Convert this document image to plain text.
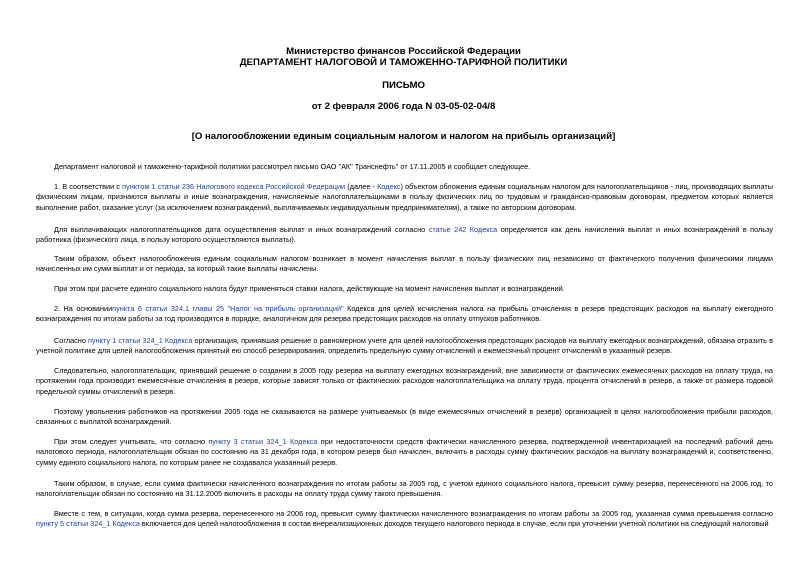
Министерство финансов Российской Федерации
ДЕПАРТАМЕНТ НАЛОГОВОЙ И ТАМОЖЕННО-ТАРИФНОЙ ПОЛИТИКИ
ПИСЬМО
от 2 февраля 2006 года N 03-05-02-04/8
[О налогообложении единым социальным налогом и налогом на прибыль организаций]

Департамент налоговой и таможенно-тарифной политики рассмотрел письмо ОАО "АК" Транснефть" от 17.11.2005 и сообщает следующее.

1. В соответствии с пунктом 1 статьи 236 Налогового кодекса Российской Федерации (далее - Кодекс) объектом обложения единым социальным налогом для налогоплательщиков - лиц, производящих выплаты физическим лицам, признаются выплаты и иные вознаграждения, начисляемые налогоплательщиками в пользу физических лиц по трудовым и гражданско-правовым договорам, предметом которых является выполнение работ, оказание услуг (за исключением вознаграждений, выплачиваемых индивидуальным предпринимателям), а также по авторским договорам.

Для выплачивающих налогоплательщиков дата осуществления выплат и иных вознаграждений согласно статье 242 Кодекса определяется как день начисления выплат и иных вознаграждений в пользу работника (физического лица, в пользу которого осуществляются выплаты).

Таким образом, объект налогообложения единым социальным налогом возникает в момент начисления выплат в пользу физических лиц независимо от фактического получения физическими лицами начисленных им сумм выплат и от периода, за который такие выплаты начислены.

При этом при расчете единого социального налога будут применяться ставки налога, действующие на момент начисления выплат и вознаграждений.

2. На основаниипункта 6 статьи 324.1 главы 25 "Налог на прибыль организаций" Кодекса для целей исчисления налога на прибыль отчисления в резерв предстоящих расходов на выплату ежегодного вознаграждения по итогам работы за год производятся в порядке, аналогичном для резерва предстоящих расходов на оплату отпусков работников.

Согласно пункту 1 статьи 324_1 Кодекса организация, принявшая решение о равномерном учете для целей налогообложения предстоящих расходов на выплату ежегодных вознаграждений, обязана отразить в учетной политике для целей налогообложения принятый ею способ резервирования, определить предельную сумму отчислений и ежемесячный процент отчислений в указанный резерв.

Следовательно, налогоплательщик, принявший решение о создании в 2005 году резерва на выплату ежегодных вознаграждений, вне зависимости от фактических ежемесячных расходов на оплату труда, на протяжении года производит ежемесячные отчисления в резерв, которые зависят только от фактических расходов налогоплательщика на оплату труда, процента отчислений в резерв, а также от размера годовой предельной суммы отчислений в резерв.

Поэтому увольнения работников на протяжении 2005 года не сказываются на размере учитываемых (в виде ежемесячных отчислений в резерв) организацией в целях налогообложения прибыли расходов, связанных с выплатой вознаграждений.

При этом следует учитывать, что согласно пункту 3 статьи 324_1 Кодекса при недостаточности средств фактически начисленного резерва, подтвержденной инвентаризацией на последний рабочий день налогового периода, налогоплательщик обязан по состоянию на 31 декабря года, в котором резерв был начислен, включить в расходы сумму фактических расходов на выплату вознаграждений и, соответственно, сумму единого социального налога, по которым ранее не создавался указанный резерв.

Таким образом, в случае, если сумма фактически начисленного вознаграждения по итогам работы за 2005 год, с учетом единого социального налога, превысит сумму резерва, перенесенного на 2006 год, то налогоплательщик обязан по состоянию на 31.12.2005 включить в расходы на оплату труда сумму такого превышения.

Вместе с тем, в ситуации, когда сумма резерва, перенесенного на 2006 год, превысит сумму фактически начисленного вознаграждения по итогам работы за 2005 год, указанная сумма превышения согласно пункту 5 статьи 324_1 Кодекса включается для целей налогообложения в состав внереализационных доходов текущего налогового периода в случае, если при уточнении учетной политики на следующий налоговый
